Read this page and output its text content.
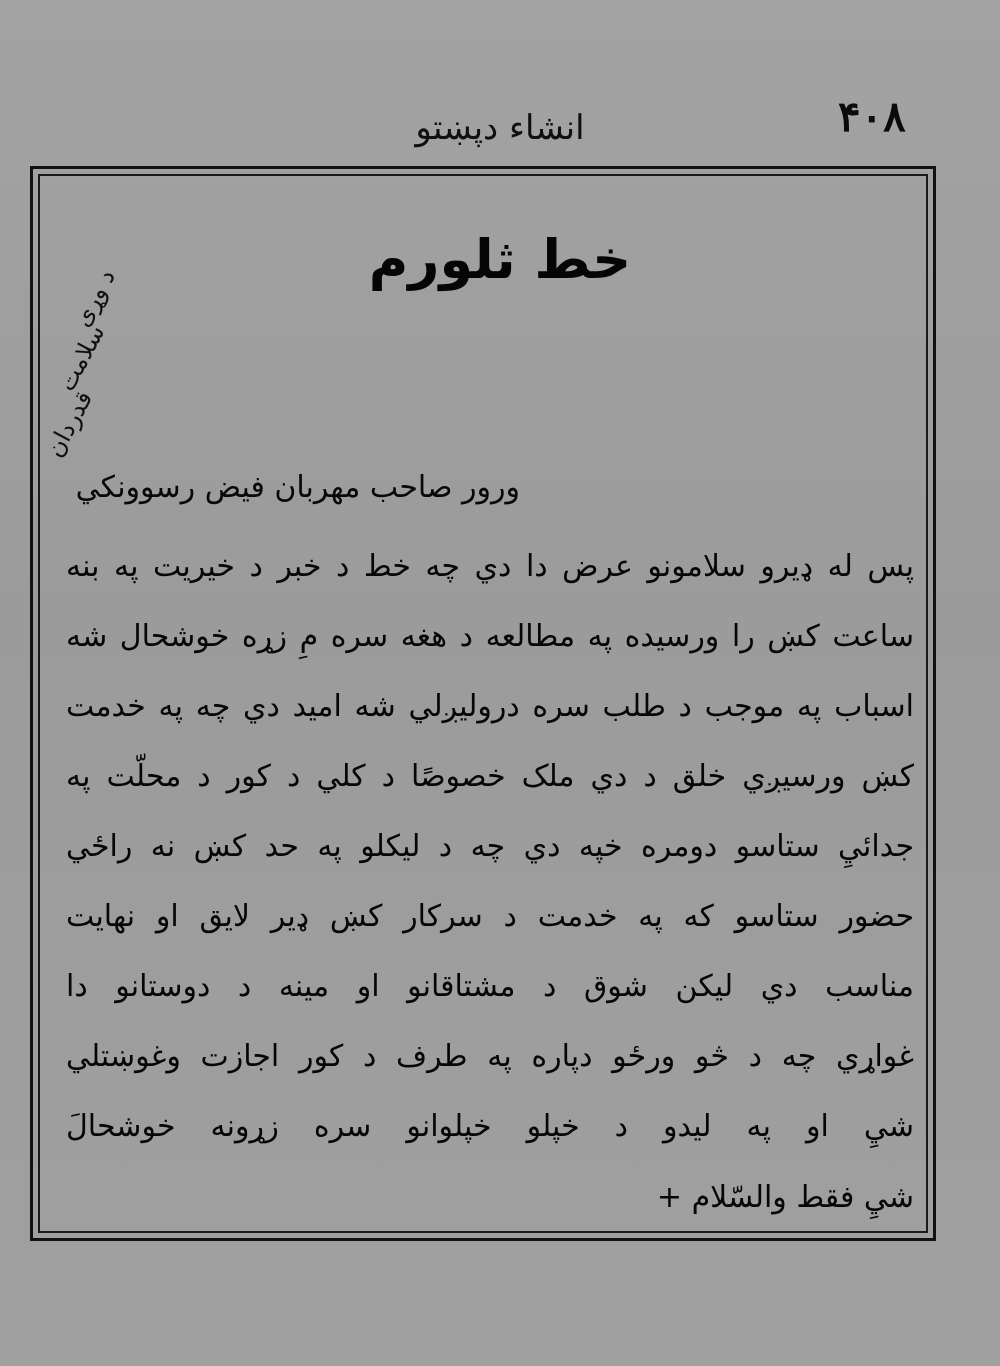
۴۰۸
انشاء دپښتو
خط ثلورم
د وړی
سلامت
قدردان
ورور صاحب مهربان فیض رسوونکي
پس له ډیرو سلامونو عرض دا دي چه خط د خبر د خیریت په بنه
ساعت کښ را ورسیده په مطالعه د هغه سره مِ زړه خوشحال شه
اسباب په موجب د طلب سره دروليږلي شه امید دي چه په خدمت
کښ ورسیږي خلق د دي ملک خصوصًا د کلي د کور د محلّت په
جدائيِ ستاسو دومره خپه دي چه د لیکلو په حد کښ نه راځي
حضور ستاسو که په خدمت د سرکار کښ ډیر لایق او نهایت
مناسب دي لیکن شوق د مشتاقانو او مینه د دوستانو دا
غواړي چه د څو ورځو دپاره په طرف د کور اجازت وغوښتلي
شيِ او په لیدو د خپلو خپلوانو سره زړونه خوشحالَ
شيِ فقط والسّلام +
